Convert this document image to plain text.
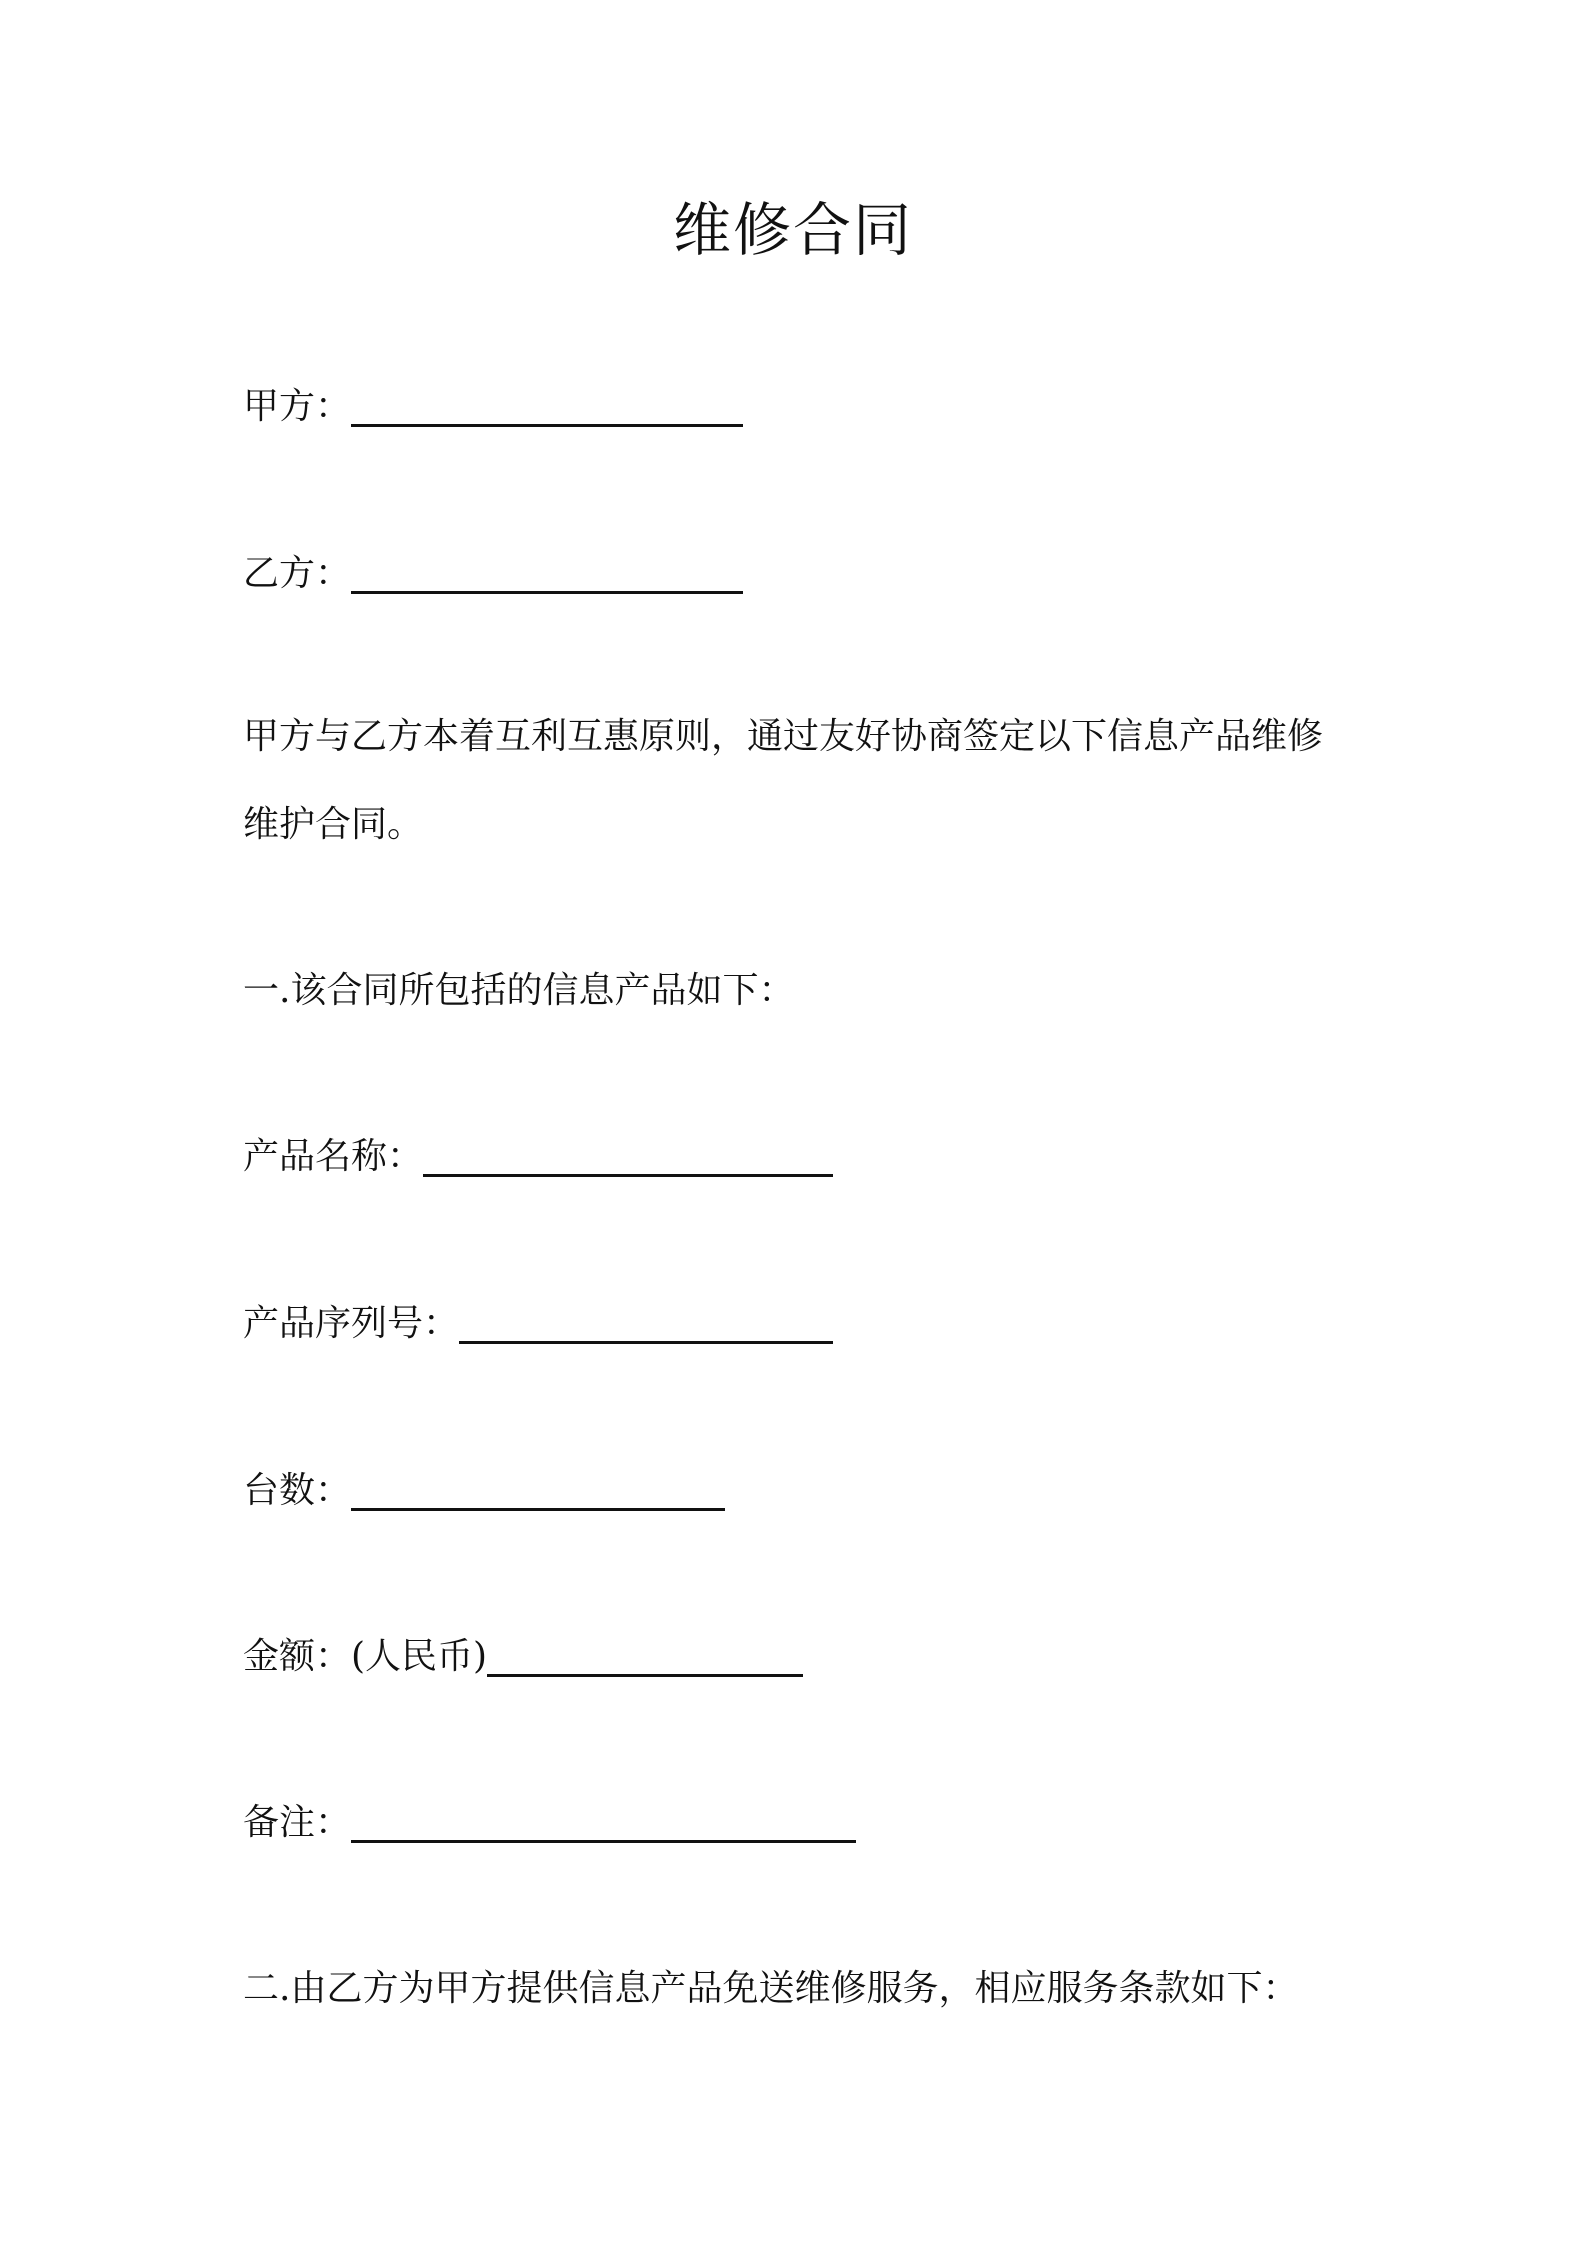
维修合同
甲方：
乙方：
甲方与乙方本着互利互惠原则，通过友好协商签定以下信息产品维修
维护合同。
一.该合同所包括的信息产品如下：
产品名称：
产品序列号：
台数：
金额：(人民币)
备注：
二.由乙方为甲方提供信息产品免送维修服务，相应服务条款如下：
